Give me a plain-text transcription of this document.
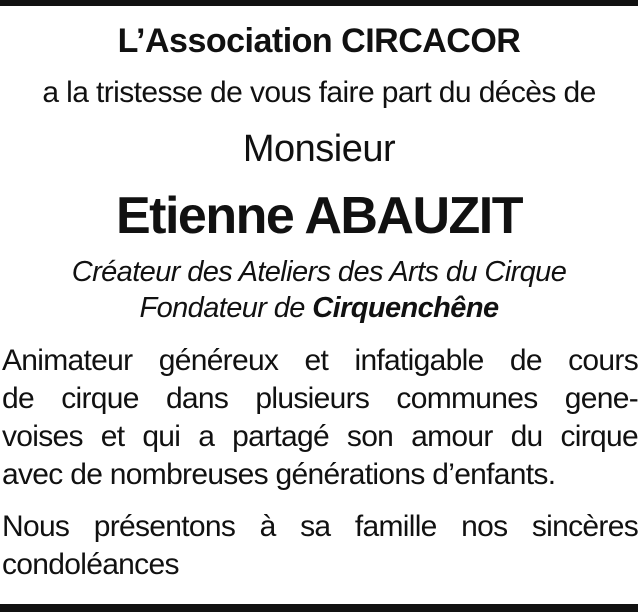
L’Association CIRCACOR
a la tristesse de vous faire part du décès de
Monsieur
Etienne ABAUZIT
Créateur des Ateliers des Arts du Cirque
Fondateur de Cirquenchêne
Animateur généreux et infatigable de cours
de cirque dans plusieurs communes gene-
voises et qui a partagé son amour du cirque
avec de nombreuses générations d’enfants.
Nous présentons à sa famille nos sincères
condoléances
